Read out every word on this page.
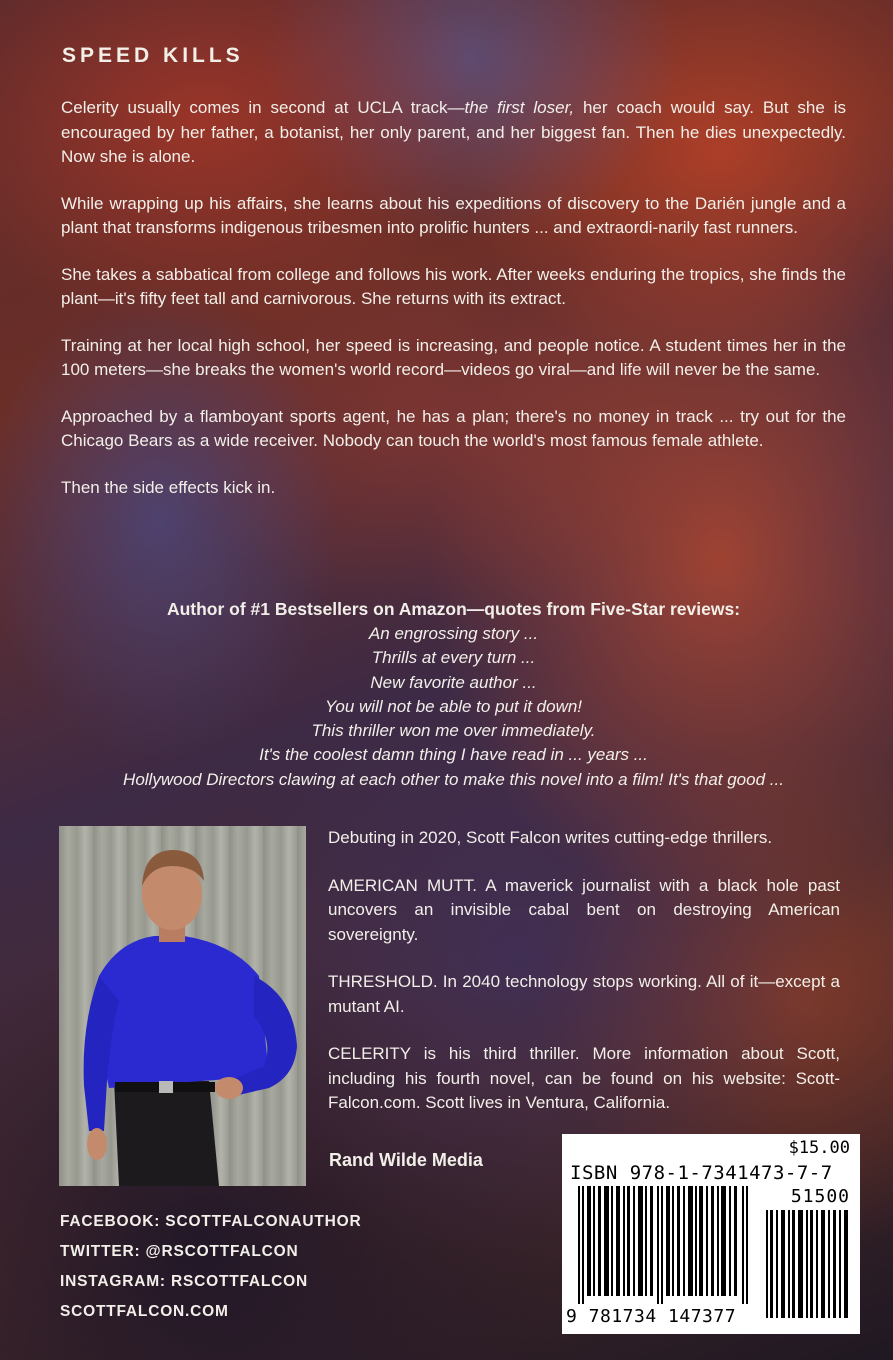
SPEED KILLS

Celerity usually comes in second at UCLA track—the first loser, her coach would say. But she is encouraged by her father, a botanist, her only parent, and her biggest fan. Then he dies unexpectedly. Now she is alone.

While wrapping up his affairs, she learns about his expeditions of discovery to the Darién jungle and a plant that transforms indigenous tribesmen into prolific hunters ... and extraordi-narily fast runners.

She takes a sabbatical from college and follows his work. After weeks enduring the tropics, she finds the plant—it's fifty feet tall and carnivorous. She returns with its extract.

Training at her local high school, her speed is increasing, and people notice. A student times her in the 100 meters—she breaks the women's world record—videos go viral—and life will never be the same.

Approached by a flamboyant sports agent, he has a plan; there's no money in track ... try out for the Chicago Bears as a wide receiver. Nobody can touch the world's most famous female athlete.

Then the side effects kick in.

Author of #1 Bestsellers on Amazon—quotes from Five-Star reviews:
An engrossing story ...
Thrills at every turn ...
New favorite author ...
You will not be able to put it down!
This thriller won me over immediately.
It's the coolest damn thing I have read in ... years ...
Hollywood Directors clawing at each other to make this novel into a film! It's that good ...

Debuting in 2020, Scott Falcon writes cutting-edge thrillers.

AMERICAN MUTT. A maverick journalist with a black hole past uncovers an invisible cabal bent on destroying American sovereignty.

THRESHOLD. In 2040 technology stops working. All of it—except a mutant AI.

CELERITY is his third thriller. More information about Scott, including his fourth novel, can be found on his website: Scott-Falcon.com. Scott lives in Ventura, California.

Rand Wilde Media
FACEBOOK: SCOTTFALCONAUTHOR
TWITTER: @RSCOTTFALCON
INSTAGRAM: RSCOTTFALCON
SCOTTFALCON.COM
$15.00
ISBN 978-1-7341473-7-7
51500
9 781734 147377
